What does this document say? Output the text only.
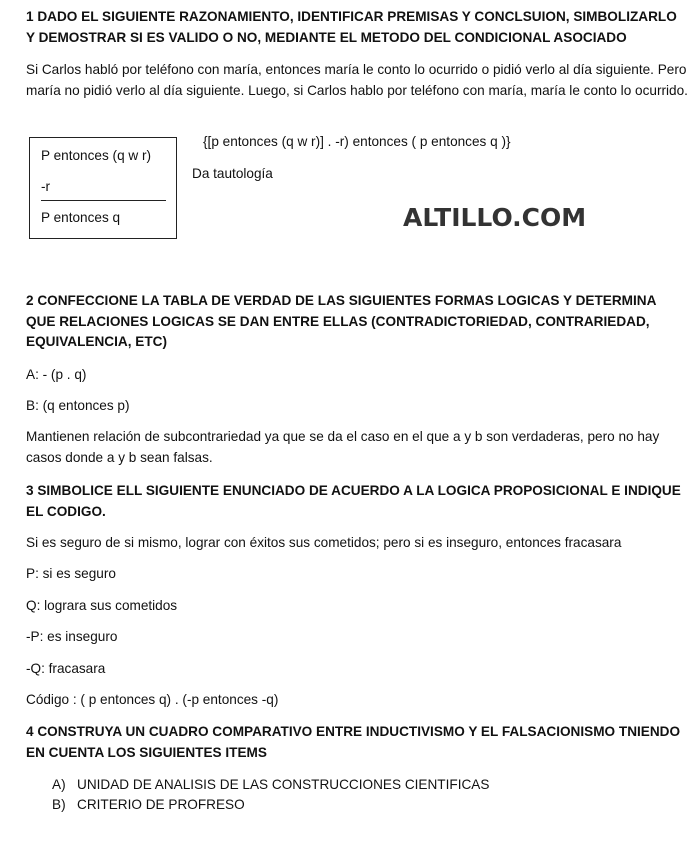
1 DADO EL SIGUIENTE RAZONAMIENTO, IDENTIFICAR PREMISAS Y CONCLSUION, SIMBOLIZARLO Y DEMOSTRAR SI ES VALIDO O NO, MEDIANTE EL METODO DEL CONDICIONAL ASOCIADO

Si Carlos habló por teléfono con maría, entonces maría le conto lo ocurrido o pidió verlo al día siguiente. Pero maría no pidió verlo al día siguiente. Luego, si Carlos hablo por teléfono con maría, maría le conto lo ocurrido.

P entonces (q w r)
-r
P entonces q
{[p entonces (q w r)] . -r) entonces ( p entonces q )}
Da tautología
ALTILLO.COM

2 CONFECCIONE LA TABLA DE VERDAD DE LAS SIGUIENTES FORMAS LOGICAS Y DETERMINA QUE RELACIONES LOGICAS SE DAN ENTRE ELLAS (CONTRADICTORIEDAD, CONTRARIEDAD, EQUIVALENCIA, ETC)

A: - (p . q)
B: (q entonces p)

Mantienen relación de subcontrariedad ya que se da el caso en el que a y b son verdaderas, pero no hay casos donde a y b sean falsas.

3 SIMBOLICE ELL SIGUIENTE ENUNCIADO DE ACUERDO A LA LOGICA PROPOSICIONAL E INDIQUE EL CODIGO.

Si es seguro de si mismo, lograr con éxitos sus cometidos; pero si es inseguro, entonces fracasara
P: si es seguro
Q: lograra sus cometidos
-P: es inseguro
-Q: fracasara
Código : ( p entonces q) . (-p entonces -q)

4 CONSTRUYA UN CUADRO COMPARATIVO ENTRE INDUCTIVISMO Y EL FALSACIONISMO TNIENDO EN CUENTA LOS SIGUIENTES ITEMS

A) UNIDAD DE ANALISIS DE LAS CONSTRUCCIONES CIENTIFICAS
B) CRITERIO DE PROFRESO
